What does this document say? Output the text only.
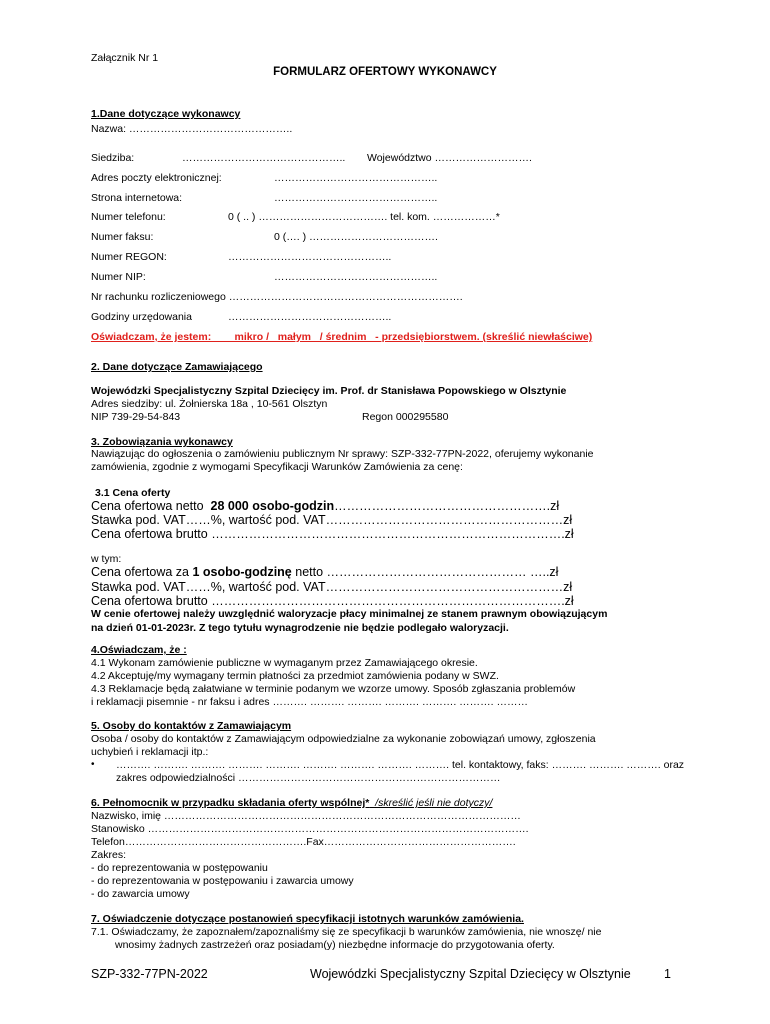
Załącznik Nr 1
FORMULARZ OFERTOWY WYKONAWCY
1.Dane dotyczące wykonawcy
Nazwa: ………………………………………..
Siedziba:	……………………………………….. Województwo ……………………….
Adres poczty elektronicznej:	………………………………………..
Strona internetowa:	………………………………………..
Numer telefonu:	0 ( .. ) ………………………………. tel. kom. ………………*
Numer faksu:	0 (…. ) ……………………………….
Numer REGON:	………………………………………..
Numer NIP:	………………………………………..
Nr rachunku rozliczeniowego ………………………………………………………….
Godziny urzędowania	………………………………………..
Oświadczam, że jestem:        mikro /   małym   / średnim   - przedsiębiorstwem. (skreślić niewłaściwe)
2. Dane dotyczące Zamawiającego
Wojewódzki Specjalistyczny Szpital Dziecięcy im. Prof. dr Stanisława Popowskiego w Olsztynie
Adres siedziby: ul. Żołnierska 18a , 10-561 Olsztyn
NIP 739-29-54-843	Regon 000295580
3. Zobowiązania wykonawcy
Nawiązując do ogłoszenia o zamówieniu publicznym Nr sprawy: SZP-332-77PN-2022, oferujemy wykonanie
zamówienia, zgodnie z wymogami Specyfikacji Warunków Zamówienia za cenę:
3.1 Cena oferty
Cena ofertowa netto  28 000 osobo-godzin…………………………………………….zł
Stawka pod. VAT……%, wartość pod. VAT…………………………………………………zł
Cena ofertowa brutto ………………………………………………………………………….zł
w tym:
Cena ofertowa za 1 osobo-godzinę netto ………………………………………… …..zł
Stawka pod. VAT……%, wartość pod. VAT…………………………………………………zł
Cena ofertowa brutto ………………………………………………………………………….zł
W cenie ofertowej należy uwzględnić waloryzacje płacy minimalnej ze stanem prawnym obowiązującym
na dzień 01-01-2023r. Z tego tytułu wynagrodzenie nie będzie podlegało waloryzacji.
4.Oświadczam, że :
4.1 Wykonam zamówienie publiczne w wymaganym przez Zamawiającego okresie.
4.2 Akceptuję/my wymagany termin płatności za przedmiot zamówienia podany w SWZ.
4.3 Reklamacje będą załatwiane w terminie podanym we wzorze umowy. Sposób zgłaszania problemów
i reklamacji pisemnie - nr faksu i adres ………. ………. ………. ………. ………. ………. ………
5. Osoby do kontaktów z Zamawiającym
Osoba / osoby do kontaktów z Zamawiającym odpowiedzialne za wykonanie zobowiązań umowy, zgłoszenia
uchybień i reklamacji itp.:
• ………. ………. ………. ………. ………. ………. ………. ………. ………. tel. kontaktowy, faks: ………. ………. ………. oraz
zakres odpowiedzialności …………………………………………………………………
6. Pełnomocnik w przypadku składania oferty wspólnej*  /skreślić jeśli nie dotyczy/
Nazwisko, imię …………………………………………………………………………………………
Stanowisko ……………………………………………………………………………………………….
Telefon…………………………………………….Fax……………………………………………….
Zakres:
- do reprezentowania w postępowaniu
- do reprezentowania w postępowaniu i zawarcia umowy
- do zawarcia umowy
7. Oświadczenie dotyczące postanowień specyfikacji istotnych warunków zamówienia.
7.1. Oświadczamy, że zapoznałem/zapoznaliśmy się ze specyfikacji b warunków zamówienia, nie wnoszę/ nie
wnosimy żadnych zastrzeżeń oraz posiadam(y) niezbędne informacje do przygotowania oferty.
SZP-332-77PN-2022	Wojewódzki Specjalistyczny Szpital Dziecięcy w Olsztynie	1
